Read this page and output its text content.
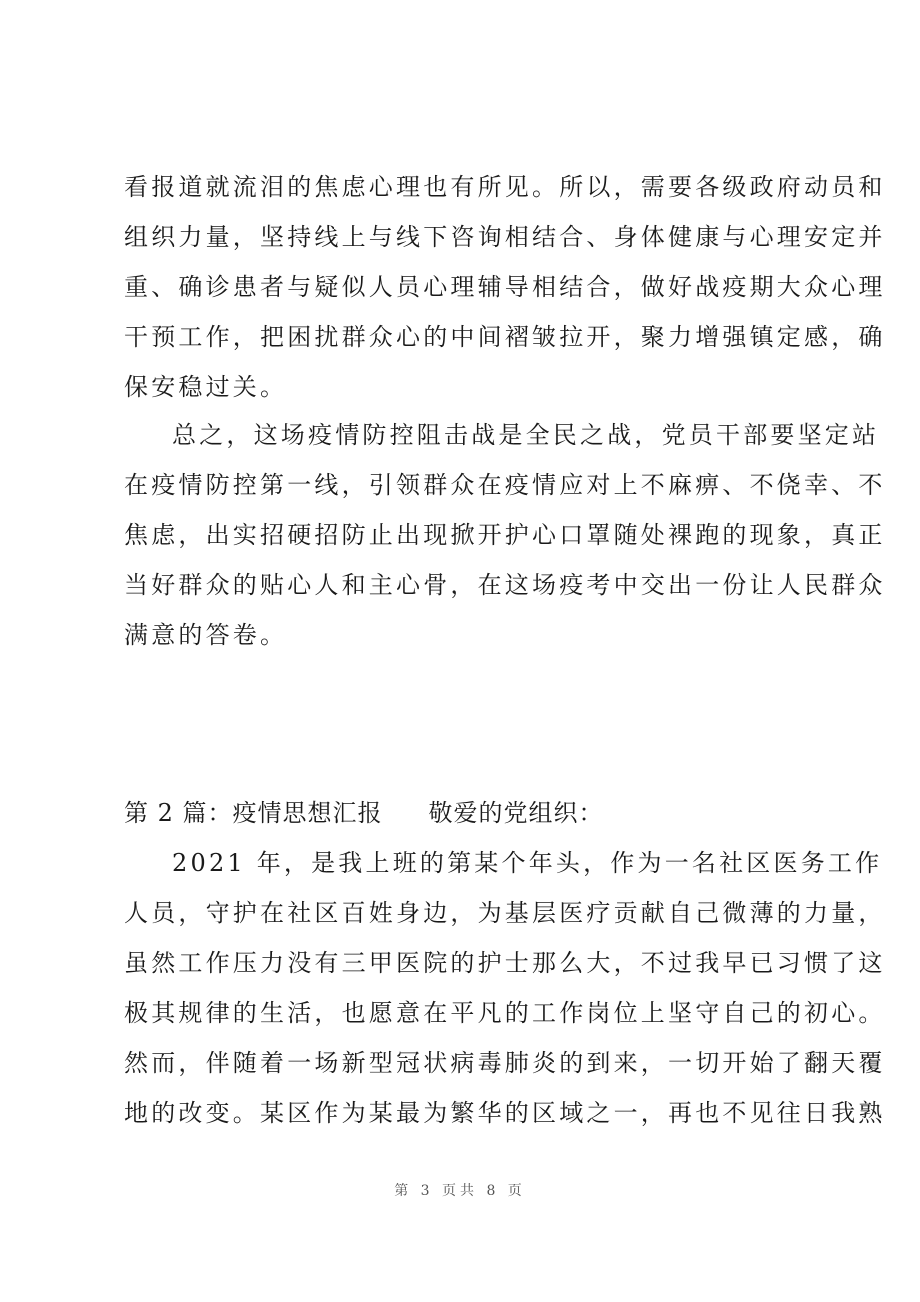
看报道就流泪的焦虑心理也有所见。所以，需要各级政府动员和
组织力量，坚持线上与线下咨询相结合、身体健康与心理安定并
重、确诊患者与疑似人员心理辅导相结合，做好战疫期大众心理
干预工作，把困扰群众心的中间褶皱拉开，聚力增强镇定感，确
保安稳过关。
总之，这场疫情防控阻击战是全民之战，党员干部要坚定站
在疫情防控第一线，引领群众在疫情应对上不麻痹、不侥幸、不
焦虑，出实招硬招防止出现掀开护心口罩随处裸跑的现象，真正
当好群众的贴心人和主心骨，在这场疫考中交出一份让人民群众
满意的答卷。
第 2 篇：疫情思想汇报 敬爱的党组织：
2021 年，是我上班的第某个年头，作为一名社区医务工作
人员，守护在社区百姓身边，为基层医疗贡献自己微薄的力量，
虽然工作压力没有三甲医院的护士那么大，不过我早已习惯了这
极其规律的生活，也愿意在平凡的工作岗位上坚守自己的初心。
然而，伴随着一场新型冠状病毒肺炎的到来，一切开始了翻天覆
地的改变。某区作为某最为繁华的区域之一，再也不见往日我熟
第 3 页共 8 页
